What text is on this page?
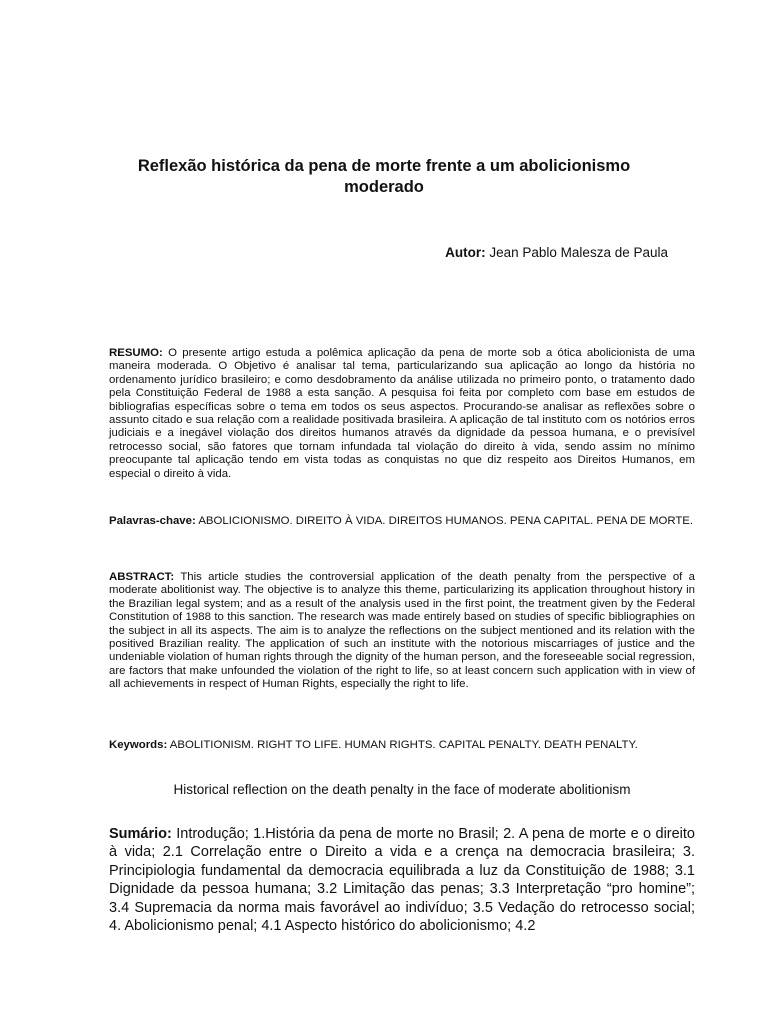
Reflexão histórica da pena de morte frente a um abolicionismo moderado
Autor: Jean Pablo Malesza de Paula
RESUMO: O presente artigo estuda a polêmica aplicação da pena de morte sob a ótica abolicionista de uma maneira moderada. O Objetivo é analisar tal tema, particularizando sua aplicação ao longo da história no ordenamento jurídico brasileiro; e como desdobramento da análise utilizada no primeiro ponto, o tratamento dado pela Constituição Federal de 1988 a esta sanção. A pesquisa foi feita por completo com base em estudos de bibliografias específicas sobre o tema em todos os seus aspectos. Procurando-se analisar as reflexões sobre o assunto citado e sua relação com a realidade positivada brasileira. A aplicação de tal instituto com os notórios erros judiciais e a inegável violação dos direitos humanos através da dignidade da pessoa humana, e o previsível retrocesso social, são fatores que tornam infundada tal violação do direito à vida, sendo assim no mínimo preocupante tal aplicação tendo em vista todas as conquistas no que diz respeito aos Direitos Humanos, em especial o direito à vida.
Palavras-chave: ABOLICIONISMO. DIREITO À VIDA. DIREITOS HUMANOS. PENA CAPITAL. PENA DE MORTE.
ABSTRACT: This article studies the controversial application of the death penalty from the perspective of a moderate abolitionist way. The objective is to analyze this theme, particularizing its application throughout history in the Brazilian legal system; and as a result of the analysis used in the first point, the treatment given by the Federal Constitution of 1988 to this sanction. The research was made entirely based on studies of specific bibliographies on the subject in all its aspects. The aim is to analyze the reflections on the subject mentioned and its relation with the positived Brazilian reality. The application of such an institute with the notorious miscarriages of justice and the undeniable violation of human rights through the dignity of the human person, and the foreseeable social regression, are factors that make unfounded the violation of the right to life, so at least concern such application with in view of all achievements in respect of Human Rights, especially the right to life.
Keywords: ABOLITIONISM. RIGHT TO LIFE. HUMAN RIGHTS. CAPITAL PENALTY. DEATH PENALTY.
Historical reflection on the death penalty in the face of moderate abolitionism
Sumário: Introdução; 1.História da pena de morte no Brasil; 2. A pena de morte e o direito à vida; 2.1 Correlação entre o Direito a vida e a crença na democracia brasileira; 3. Principiologia fundamental da democracia equilibrada a luz da Constituição de 1988; 3.1 Dignidade da pessoa humana; 3.2 Limitação das penas; 3.3 Interpretação “pro homine”; 3.4 Supremacia da norma mais favorável ao indivíduo; 3.5 Vedação do retrocesso social; 4. Abolicionismo penal; 4.1 Aspecto histórico do abolicionismo; 4.2
